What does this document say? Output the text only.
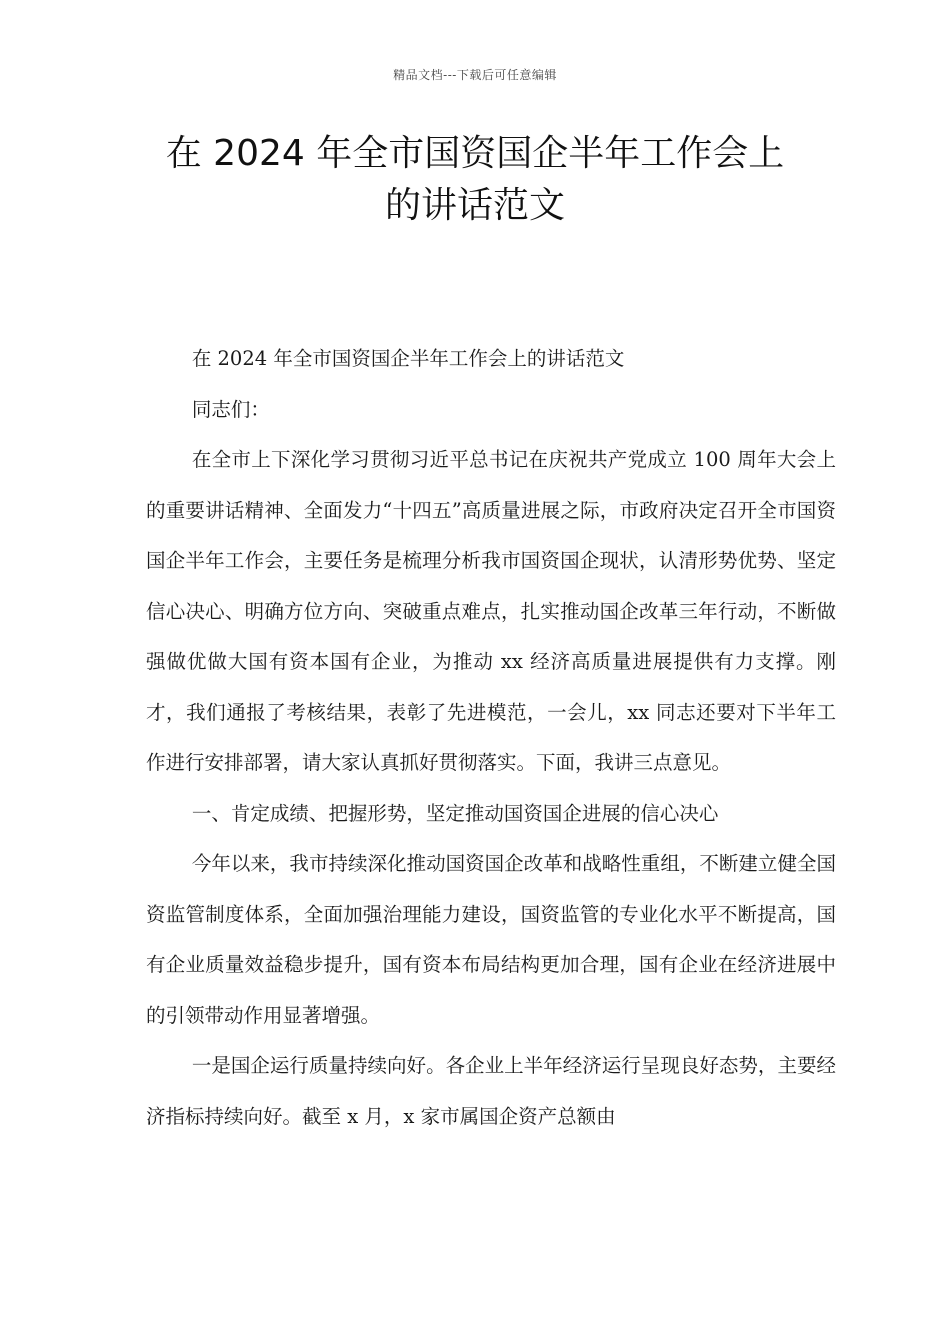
精品文档---下载后可任意编辑
在 2024 年全市国资国企半年工作会上
的讲话范文

在 2024 年全市国资国企半年工作会上的讲话范文

同志们：

在全市上下深化学习贯彻习近平总书记在庆祝共产党成立 100 周年大会上的重要讲话精神、全面发力“十四五”高质量进展之际，市政府决定召开全市国资国企半年工作会，主要任务是梳理分析我市国资国企现状，认清形势优势、坚定信心决心、明确方位方向、突破重点难点，扎实推动国企改革三年行动，不断做强做优做大国有资本国有企业，为推动 xx 经济高质量进展提供有力支撑。刚才，我们通报了考核结果，表彰了先进模范，一会儿，xx 同志还要对下半年工作进行安排部署，请大家认真抓好贯彻落实。下面，我讲三点意见。

一、肯定成绩、把握形势，坚定推动国资国企进展的信心决心

今年以来，我市持续深化推动国资国企改革和战略性重组，不断建立健全国资监管制度体系，全面加强治理能力建设，国资监管的专业化水平不断提高，国有企业质量效益稳步提升，国有资本布局结构更加合理，国有企业在经济进展中的引领带动作用显著增强。

一是国企运行质量持续向好。各企业上半年经济运行呈现良好态势，主要经济指标持续向好。截至 x 月，x 家市属国企资产总额由
